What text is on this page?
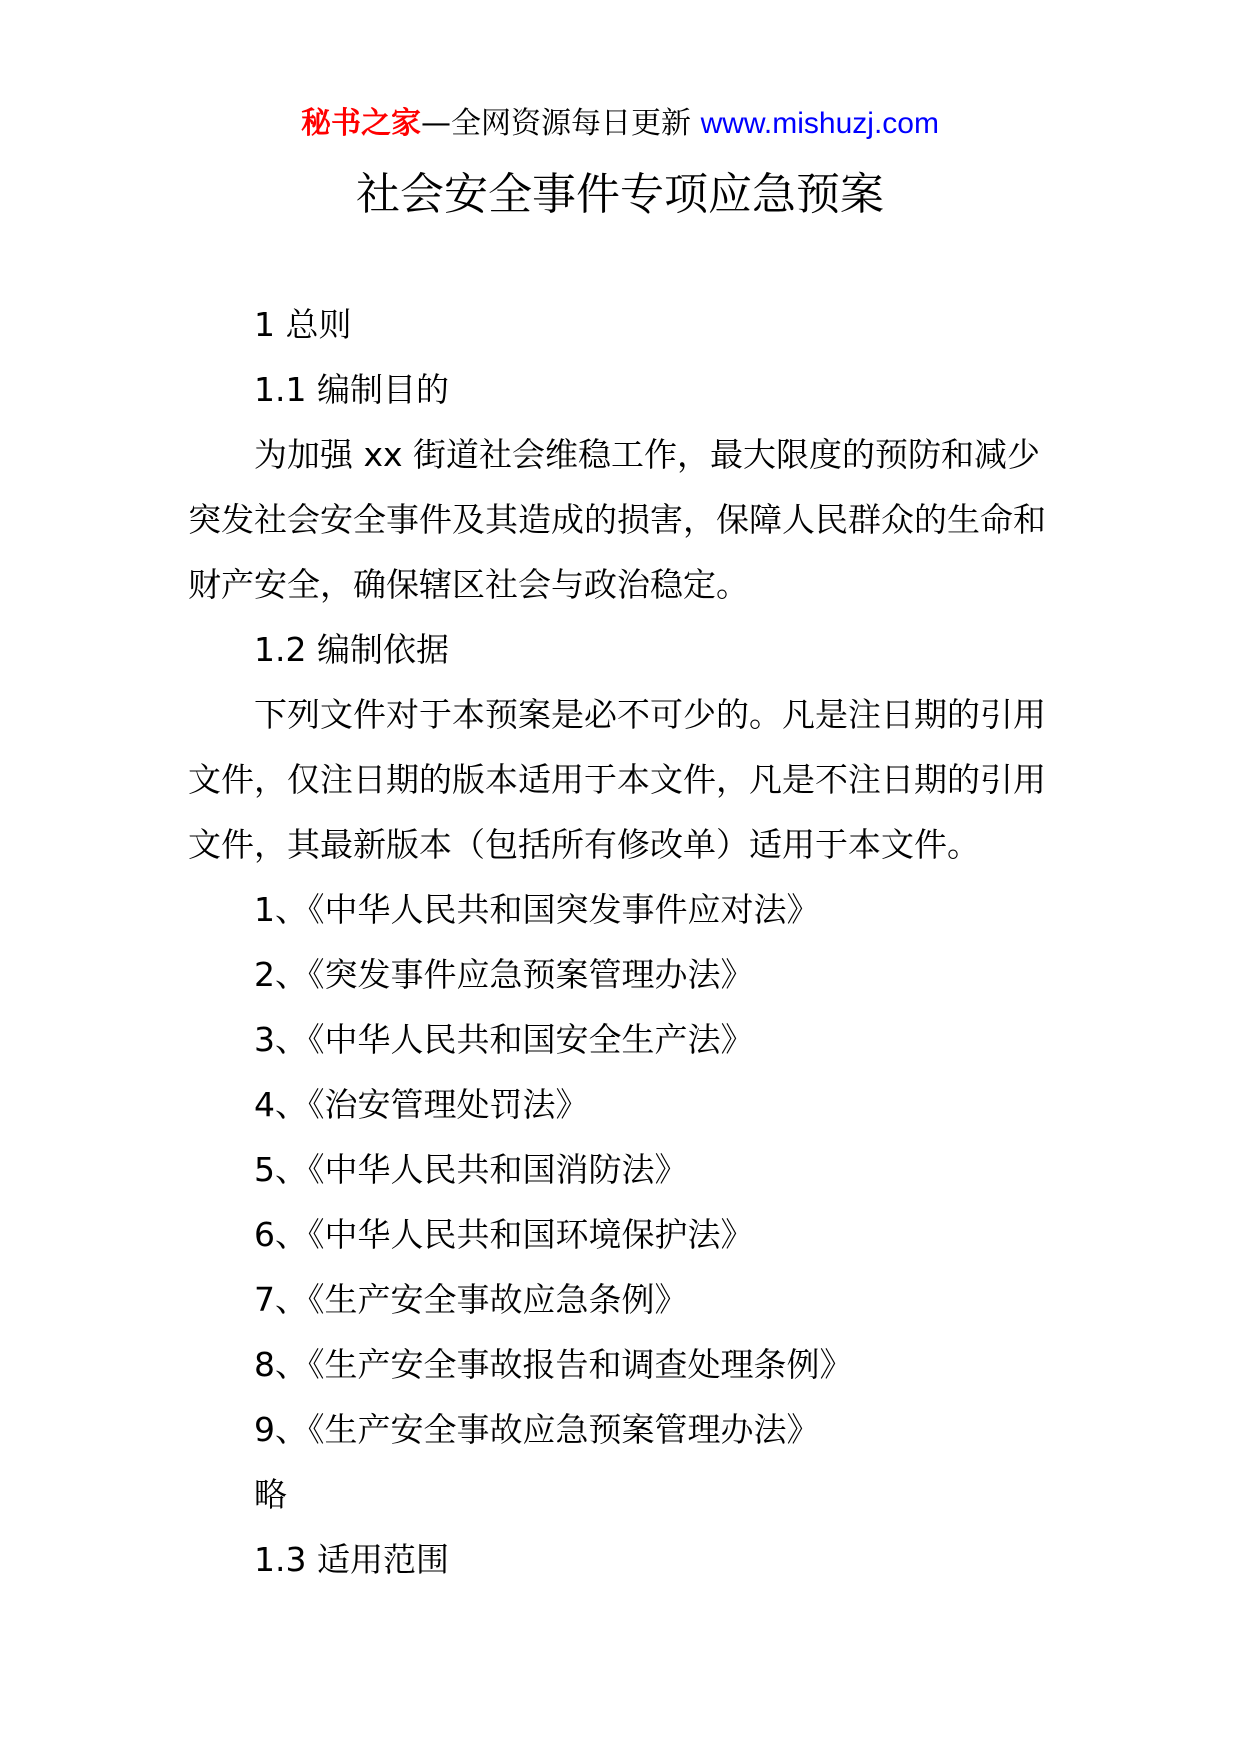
秘书之家—全网资源每日更新 www.mishuzj.com
社会安全事件专项应急预案

1 总则

1.1 编制目的

为加强 xx 街道社会维稳工作，最大限度的预防和减少突发社会安全事件及其造成的损害，保障人民群众的生命和财产安全，确保辖区社会与政治稳定。

1.2 编制依据

下列文件对于本预案是必不可少的。凡是注日期的引用文件，仅注日期的版本适用于本文件，凡是不注日期的引用文件，其最新版本（包括所有修改单）适用于本文件。

1、《中华人民共和国突发事件应对法》

2、《突发事件应急预案管理办法》

3、《中华人民共和国安全生产法》

4、《治安管理处罚法》

5、《中华人民共和国消防法》

6、《中华人民共和国环境保护法》

7、《生产安全事故应急条例》

8、《生产安全事故报告和调查处理条例》

9、《生产安全事故应急预案管理办法》

略

1.3 适用范围
